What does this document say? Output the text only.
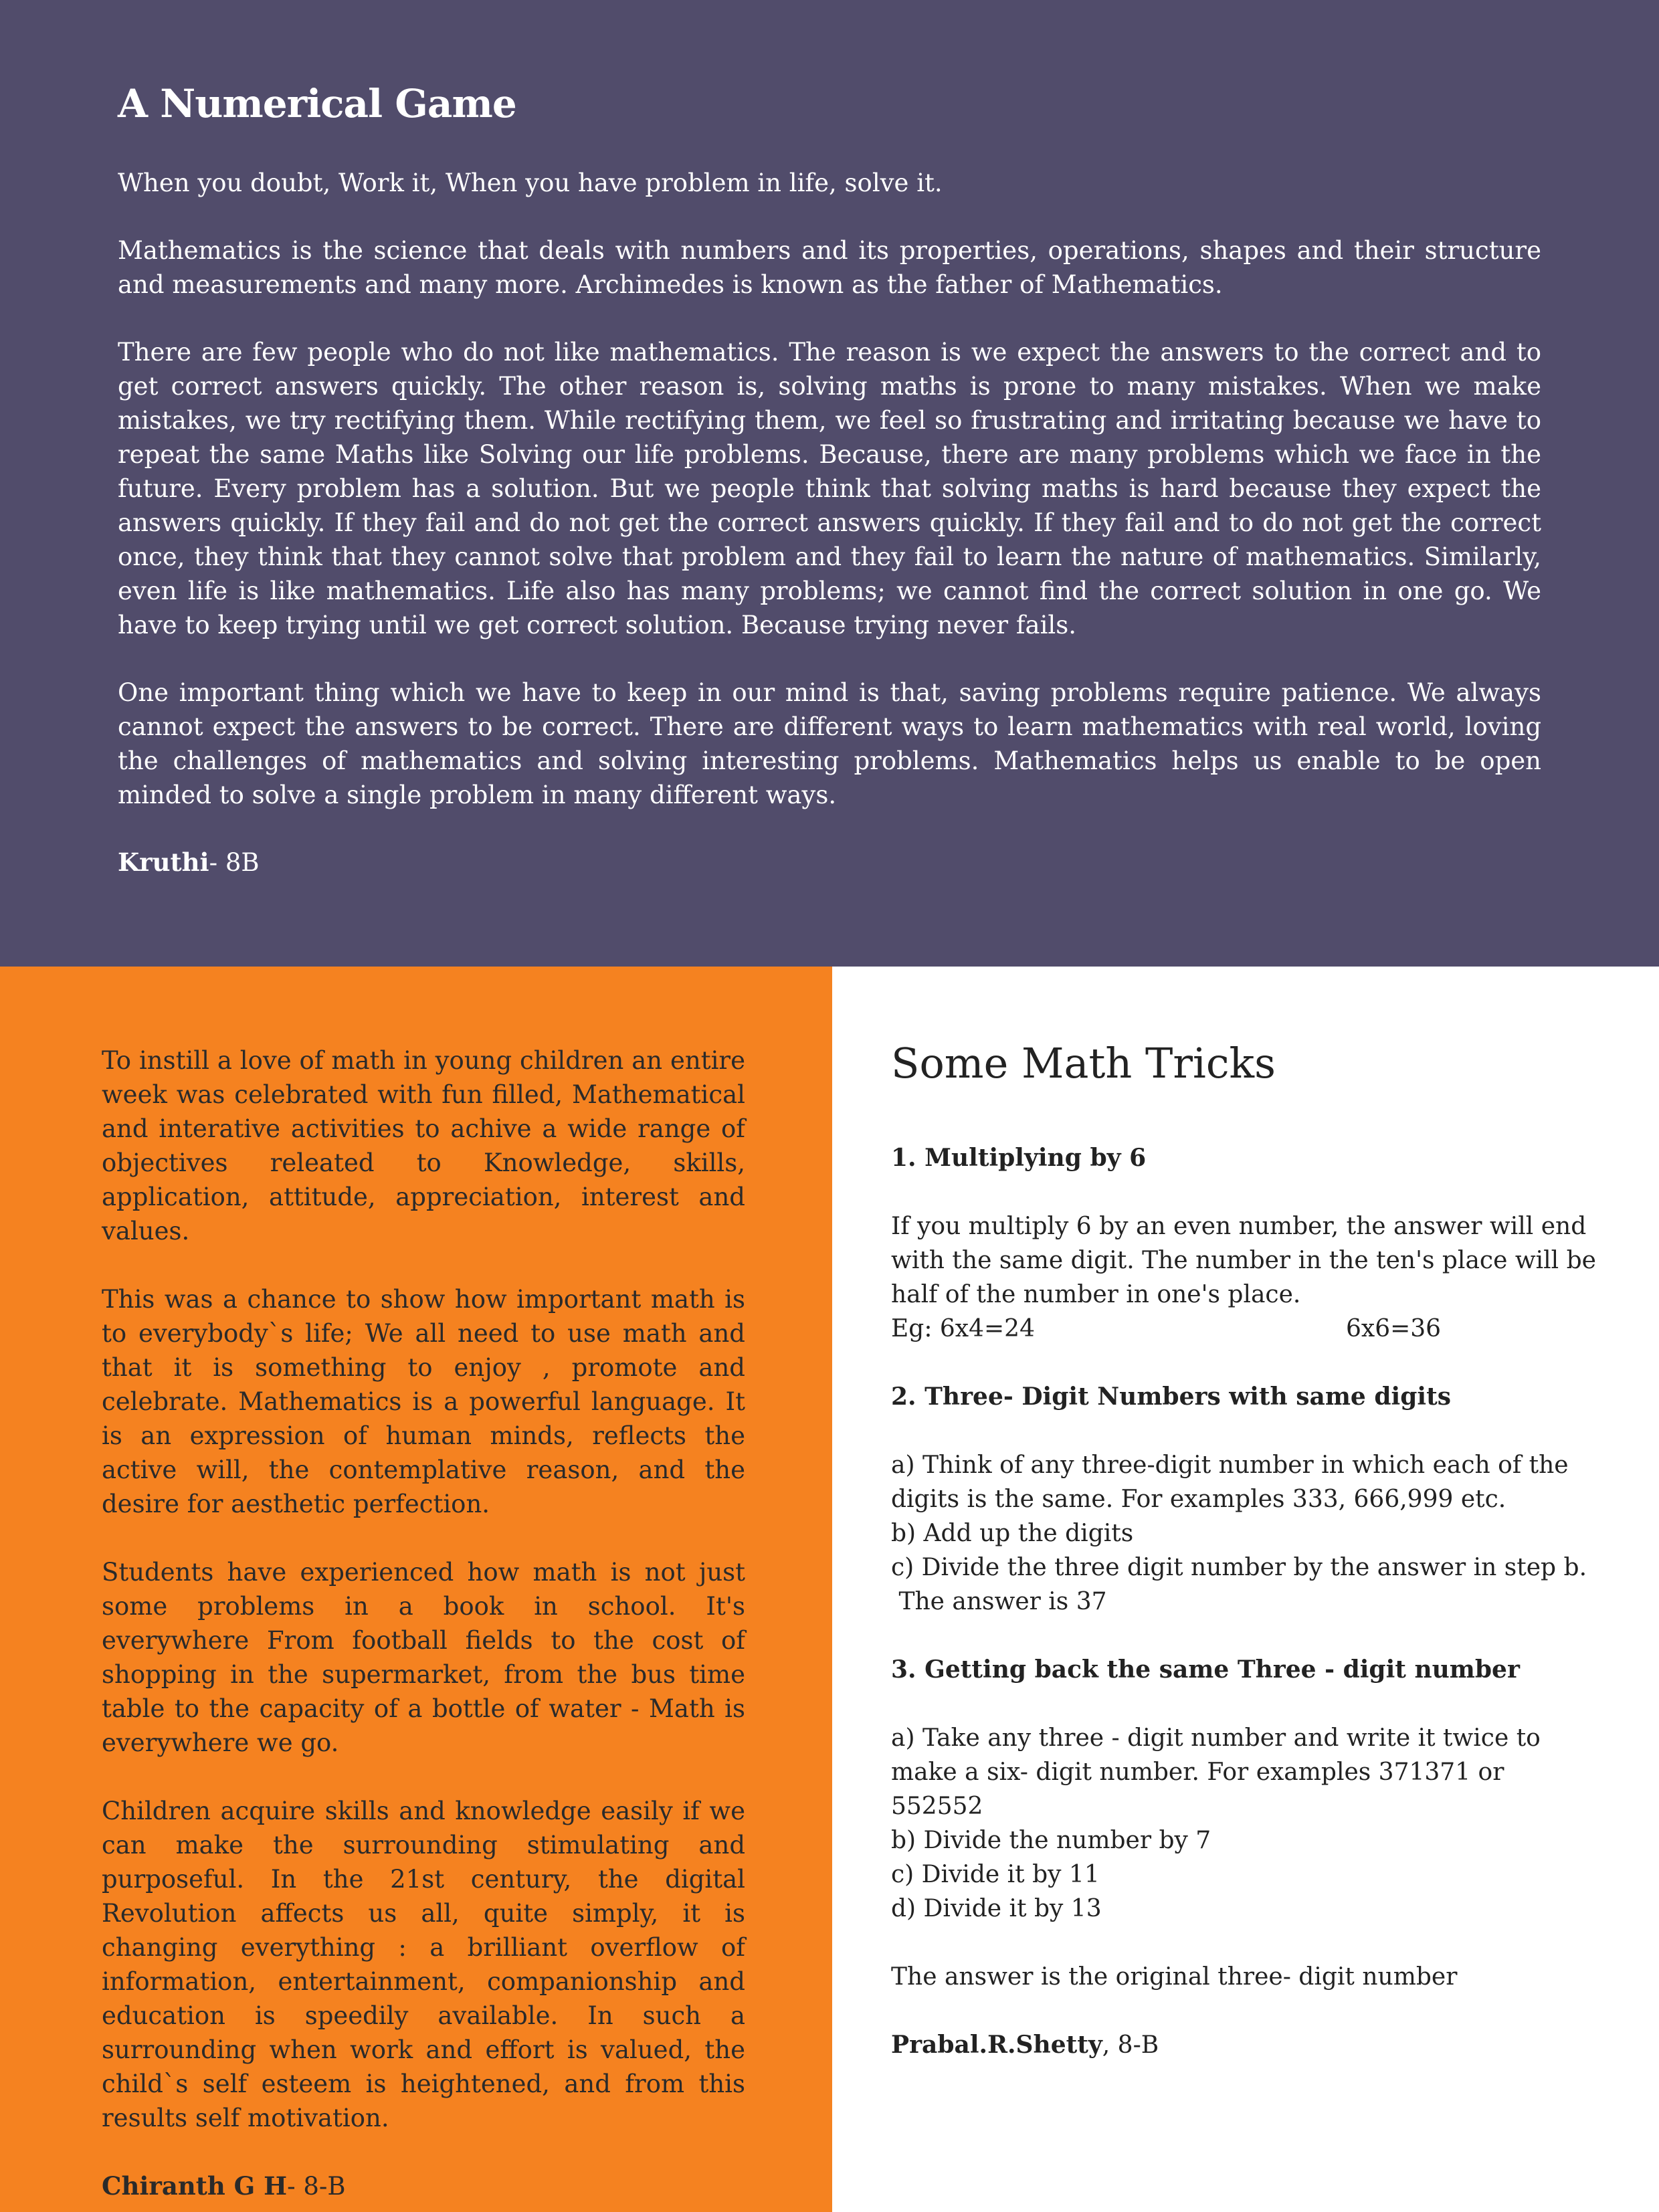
A Numerical Game

When you doubt, Work it, When you have problem in life, solve it.

Mathematics is the science that deals with numbers and its properties, operations, shapes and their structure and measurements and many more. Archimedes is known as the father of Mathematics.

There are few people who do not like mathematics. The reason is we expect the answers to the correct and to get correct answers quickly. The other reason is, solving maths is prone to many mistakes. When we make mistakes, we try rectifying them. While rectifying them, we feel so frustrating and irritating because we have to repeat the same Maths like Solving our life problems. Because, there are many problems which we face in the future. Every problem has a solution. But we people think that solving maths is hard because they expect the answers quickly. If they fail and do not get the correct answers quickly. If they fail and to do not get the correct once, they think that they cannot solve that problem and they fail to learn the nature of mathematics. Similarly, even life is like mathematics. Life also has many problems; we cannot find the correct solution in one go. We have to keep trying until we get correct solution. Because trying never fails.

One important thing which we have to keep in our mind is that, saving problems require patience. We always cannot expect the answers to be correct. There are different ways to learn mathematics with real world, loving the challenges of mathematics and solving interesting problems. Mathematics helps us enable to be open minded to solve a single problem in many different ways.

Kruthi- 8B

To instill a love of math in young children an entire week was celebrated with fun filled, Mathematical and interative activities to achive a wide range of objectives releated to Knowledge, skills, application, attitude, appreciation, interest and values.

This was a chance to show how important math is to everybody`s life; We all need to use math and that it is something to enjoy , promote and celebrate. Mathematics is a powerful language. It is an expression of human minds, reflects the active will, the contemplative reason, and the desire for aesthetic perfection.

Students have experienced how math is not just some problems in a book in school. It's everywhere From football fields to the cost of shopping in the supermarket, from the bus time table to the capacity of a bottle of water - Math is everywhere we go.

Children acquire skills and knowledge easily if we can make the surrounding stimulating and purposeful. In the 21st century, the digital Revolution affects us all, quite simply, it is changing everything : a brilliant overflow of information, entertainment, companionship and education is speedily available. In such a surrounding when work and effort is valued, the child`s self esteem is heightened, and from this results self motivation.

Chiranth G H- 8-B

Some Math Tricks
1. Multiplying by 6
If you multiply 6 by an even number, the answer will end with the same digit. The number in the ten's place will be half of the number in one's place.
Eg: 6x4=24	6x6=36
2. Three- Digit Numbers with same digits
a) Think of any three-digit number in which each of the digits is the same. For examples 333, 666,999 etc.
b) Add up the digits
c) Divide the three digit number by the answer in step b.
The answer is 37
3. Getting back the same Three - digit number
a) Take any three - digit number and write it twice to make a six- digit number. For examples 371371 or 552552
b) Divide the number by 7
c) Divide it by 11
d) Divide it by 13

The answer is the original three- digit number

Prabal.R.Shetty, 8-B
